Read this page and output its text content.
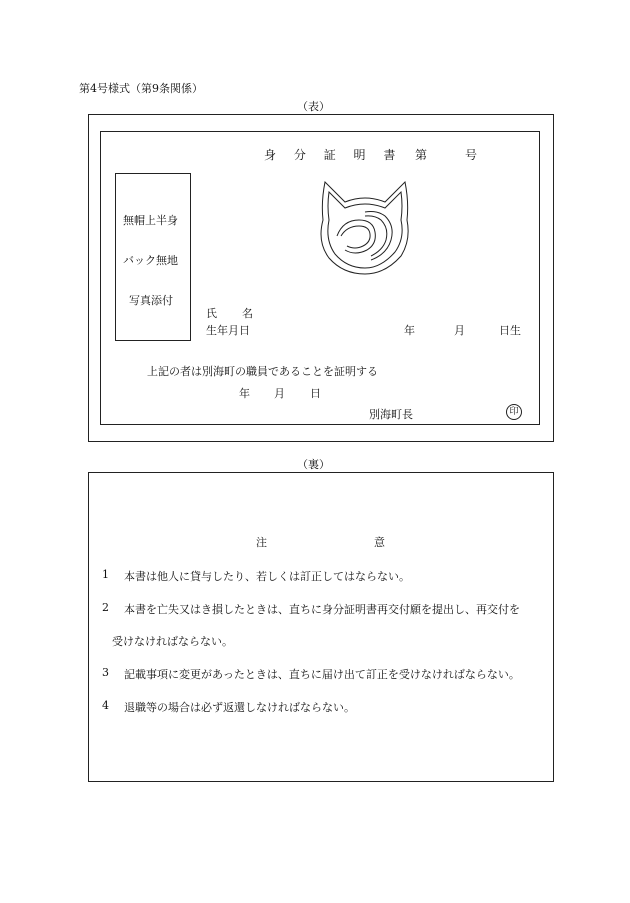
第4号様式（第9条関係）
（表）
身 分 証 明 書 第	号
無帽上半身
バック無地
写真添付
氏 名
生年月日	年	月	日生
上記の者は別海町の職員であることを証明する
年 月 日
別海町長	印
（裏）
注	意
1 本書は他人に貸与したり、若しくは訂正してはならない。
2 本書を亡失又はき損したときは、直ちに身分証明書再交付願を提出し、再交付を
受けなければならない。
3 記載事項に変更があったときは、直ちに届け出て訂正を受けなければならない。
4 退職等の場合は必ず返還しなければならない。
